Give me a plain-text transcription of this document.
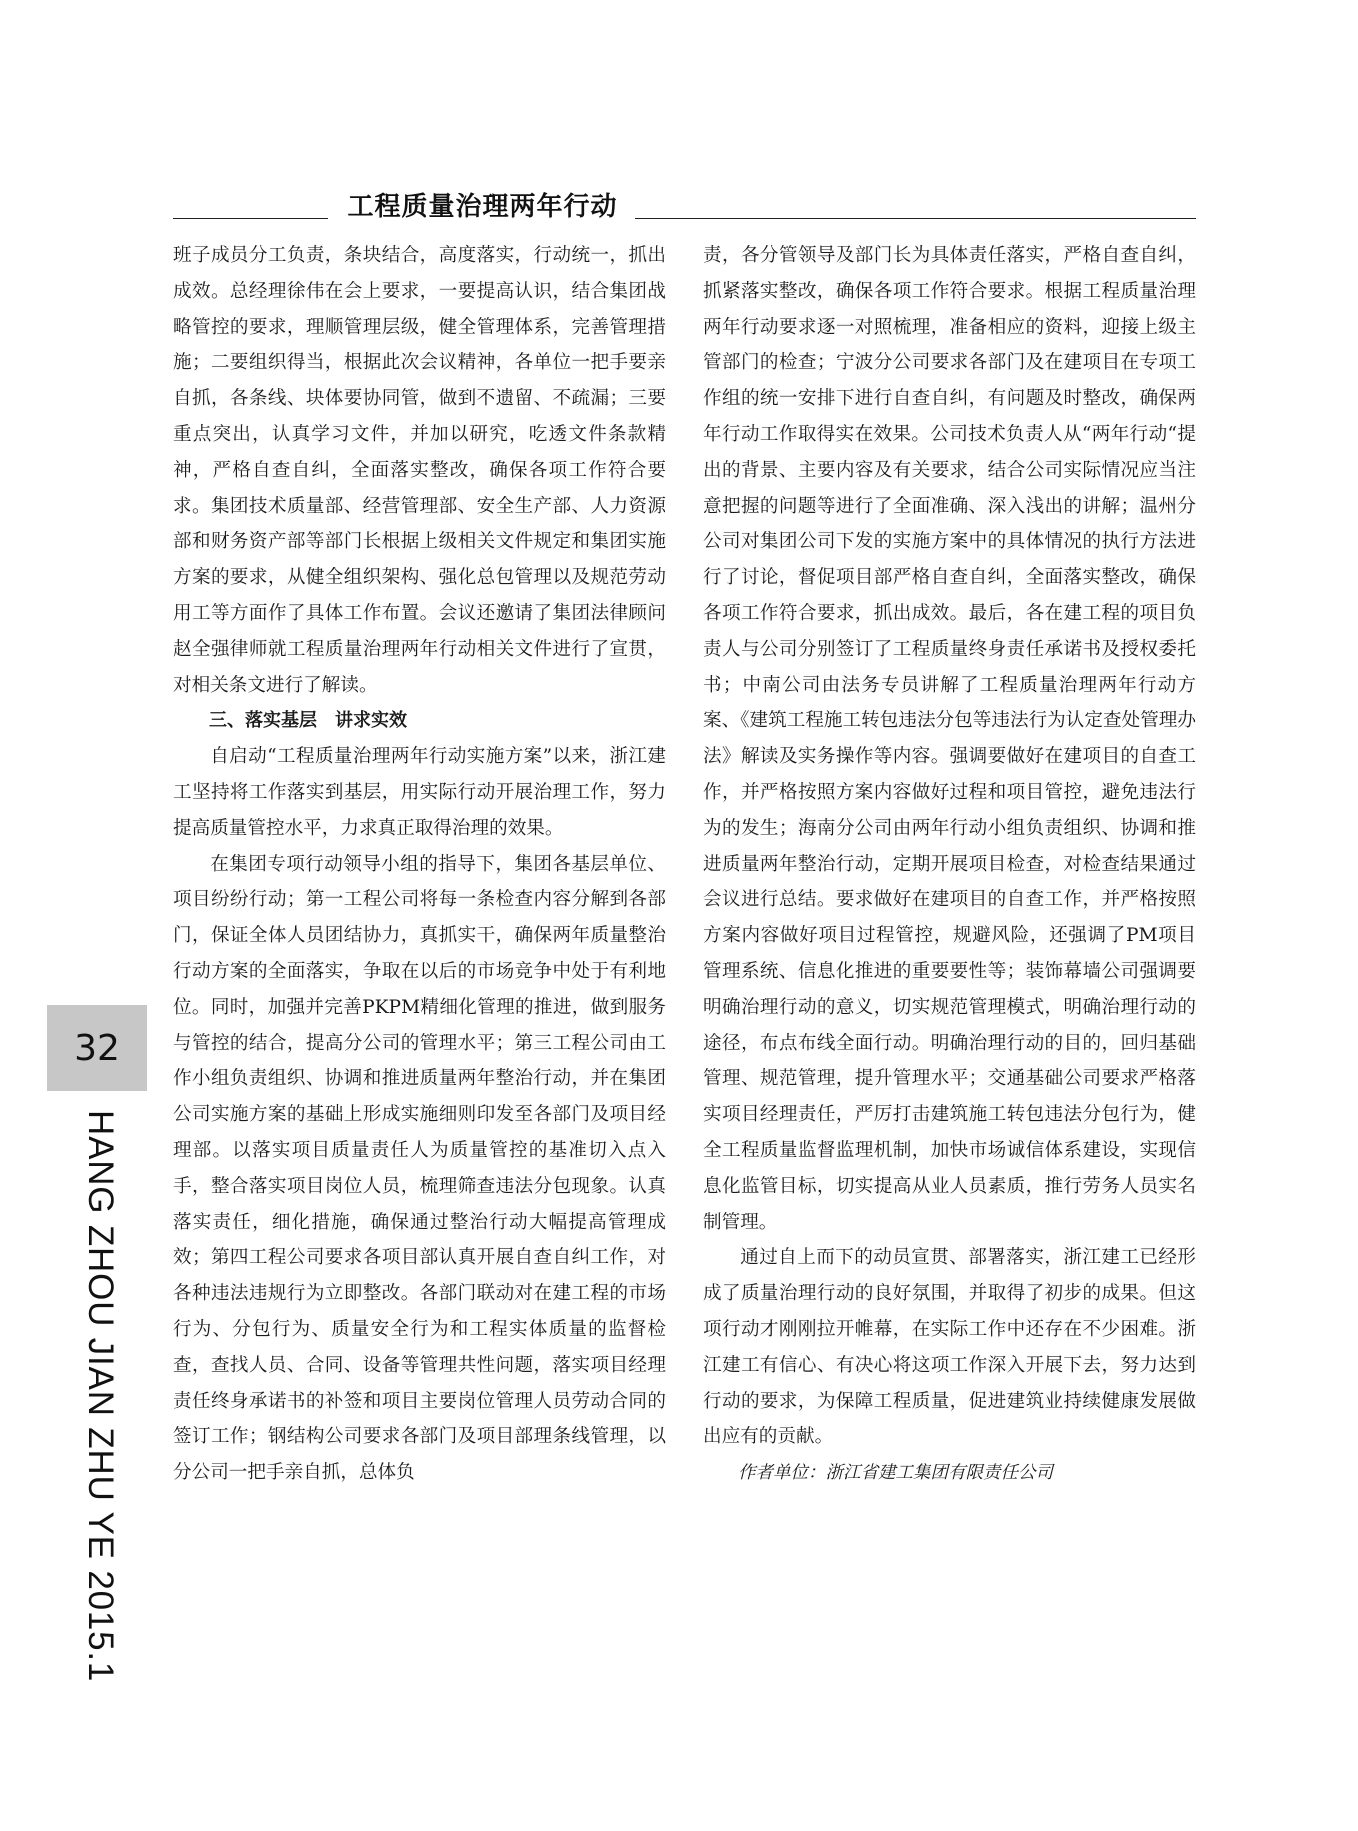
工程质量治理两年行动

班子成员分工负责，条块结合，高度落实，行动统一，抓出成效。总经理徐伟在会上要求，一要提高认识，结合集团战略管控的要求，理顺管理层级，健全管理体系，完善管理措施；二要组织得当，根据此次会议精神，各单位一把手要亲自抓，各条线、块体要协同管，做到不遗留、不疏漏；三要重点突出，认真学习文件，并加以研究，吃透文件条款精神，严格自查自纠，全面落实整改，确保各项工作符合要求。集团技术质量部、经营管理部、安全生产部、人力资源部和财务资产部等部门长根据上级相关文件规定和集团实施方案的要求，从健全组织架构、强化总包管理以及规范劳动用工等方面作了具体工作布置。会议还邀请了集团法律顾问赵全强律师就工程质量治理两年行动相关文件进行了宣贯，对相关条文进行了解读。

三、落实基层　讲求实效

自启动“工程质量治理两年行动实施方案”以来，浙江建工坚持将工作落实到基层，用实际行动开展治理工作，努力提高质量管控水平，力求真正取得治理的效果。

在集团专项行动领导小组的指导下，集团各基层单位、项目纷纷行动；第一工程公司将每一条检查内容分解到各部门，保证全体人员团结协力，真抓实干，确保两年质量整治行动方案的全面落实，争取在以后的市场竞争中处于有利地位。同时，加强并完善PKPM精细化管理的推进，做到服务与管控的结合，提高分公司的管理水平；第三工程公司由工作小组负责组织、协调和推进质量两年整治行动，并在集团公司实施方案的基础上形成实施细则印发至各部门及项目经理部。以落实项目质量责任人为质量管控的基准切入点入手，整合落实项目岗位人员，梳理筛查违法分包现象。认真落实责任，细化措施，确保通过整治行动大幅提高管理成效；第四工程公司要求各项目部认真开展自查自纠工作，对各种违法违规行为立即整改。各部门联动对在建工程的市场行为、分包行为、质量安全行为和工程实体质量的监督检查，查找人员、合同、设备等管理共性问题，落实项目经理责任终身承诺书的补签和项目主要岗位管理人员劳动合同的签订工作；钢结构公司要求各部门及项目部理条线管理，以分公司一把手亲自抓，总体负

责，各分管领导及部门长为具体责任落实，严格自查自纠，抓紧落实整改，确保各项工作符合要求。根据工程质量治理两年行动要求逐一对照梳理，准备相应的资料，迎接上级主管部门的检查；宁波分公司要求各部门及在建项目在专项工作组的统一安排下进行自查自纠，有问题及时整改，确保两年行动工作取得实在效果。公司技术负责人从“两年行动“提出的背景、主要内容及有关要求，结合公司实际情况应当注意把握的问题等进行了全面准确、深入浅出的讲解；温州分公司对集团公司下发的实施方案中的具体情况的执行方法进行了讨论，督促项目部严格自查自纠，全面落实整改，确保各项工作符合要求，抓出成效。最后，各在建工程的项目负责人与公司分别签订了工程质量终身责任承诺书及授权委托书；中南公司由法务专员讲解了工程质量治理两年行动方案、《建筑工程施工转包违法分包等违法行为认定查处管理办法》解读及实务操作等内容。强调要做好在建项目的自查工作，并严格按照方案内容做好过程和项目管控，避免违法行为的发生；海南分公司由两年行动小组负责组织、协调和推进质量两年整治行动，定期开展项目检查，对检查结果通过会议进行总结。要求做好在建项目的自查工作，并严格按照方案内容做好项目过程管控，规避风险，还强调了PM项目管理系统、信息化推进的重要要性等；装饰幕墙公司强调要明确治理行动的意义，切实规范管理模式，明确治理行动的途径，布点布线全面行动。明确治理行动的目的，回归基础管理、规范管理，提升管理水平；交通基础公司要求严格落实项目经理责任，严厉打击建筑施工转包违法分包行为，健全工程质量监督监理机制，加快市场诚信体系建设，实现信息化监管目标，切实提高从业人员素质，推行劳务人员实名制管理。

通过自上而下的动员宣贯、部署落实，浙江建工已经形成了质量治理行动的良好氛围，并取得了初步的成果。但这项行动才刚刚拉开帷幕，在实际工作中还存在不少困难。浙江建工有信心、有决心将这项工作深入开展下去，努力达到行动的要求，为保障工程质量，促进建筑业持续健康发展做出应有的贡献。

作者单位：浙江省建工集团有限责任公司

32
HANG ZHOU JIAN ZHU YE 2015.1
